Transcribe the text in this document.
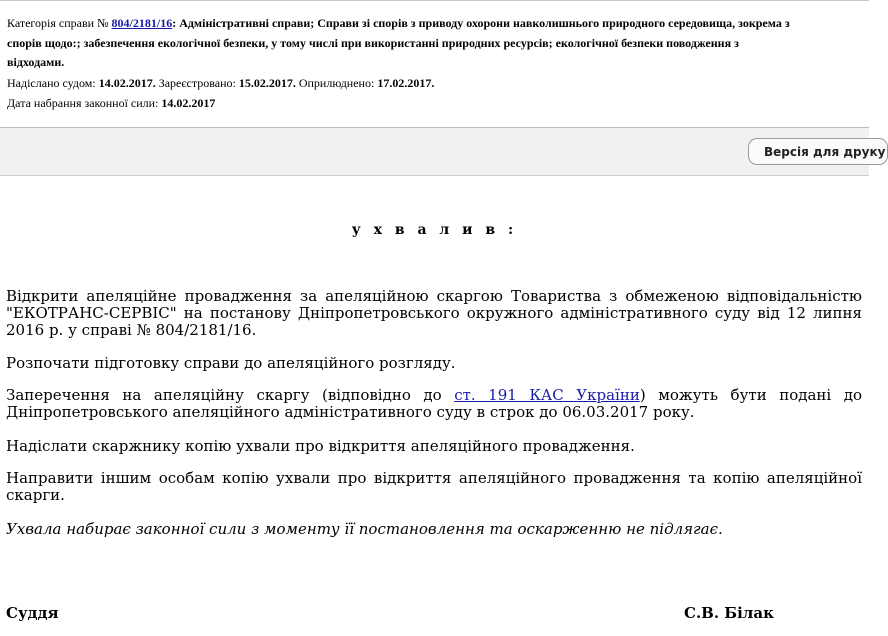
Категорія справи № 804/2181/16: Адміністративні справи; Справи зі спорів з приводу охорони навколишнього природного середовища, зокрема з
спорів щодо:; забезпечення екологічної безпеки, у тому числі при використанні природних ресурсів; екологічної безпеки поводження з
відходами.
Надіслано судом: 14.02.2017. Зареєстровано: 15.02.2017. Оприлюднено: 17.02.2017.
Дата набрання законної сили: 14.02.2017
Версія для друку
у х в а л и в :
Відкрити апеляційне провадження за апеляційною скаргою Товариства з обмеженою відповідальністю "ЕКОТРАНС-СЕРВІС" на постанову Дніпропетровського окружного адміністративного суду від 12 липня 2016 р. у справі № 804/2181/16.
Розпочати підготовку справи до апеляційного розгляду.
Заперечення на апеляційну скаргу (відповідно до ст. 191 КАС України) можуть бути подані до Дніпропетровського апеляційного адміністративного суду в строк до 06.03.2017 року.
Надіслати скаржнику копію ухвали про відкриття апеляційного провадження.
Направити іншим особам копію ухвали про відкриття апеляційного провадження та копію апеляційної скарги.
Ухвала набирає законної сили з моменту її постановлення та оскарженню не підлягає.
Суддя	С.В. Білак
